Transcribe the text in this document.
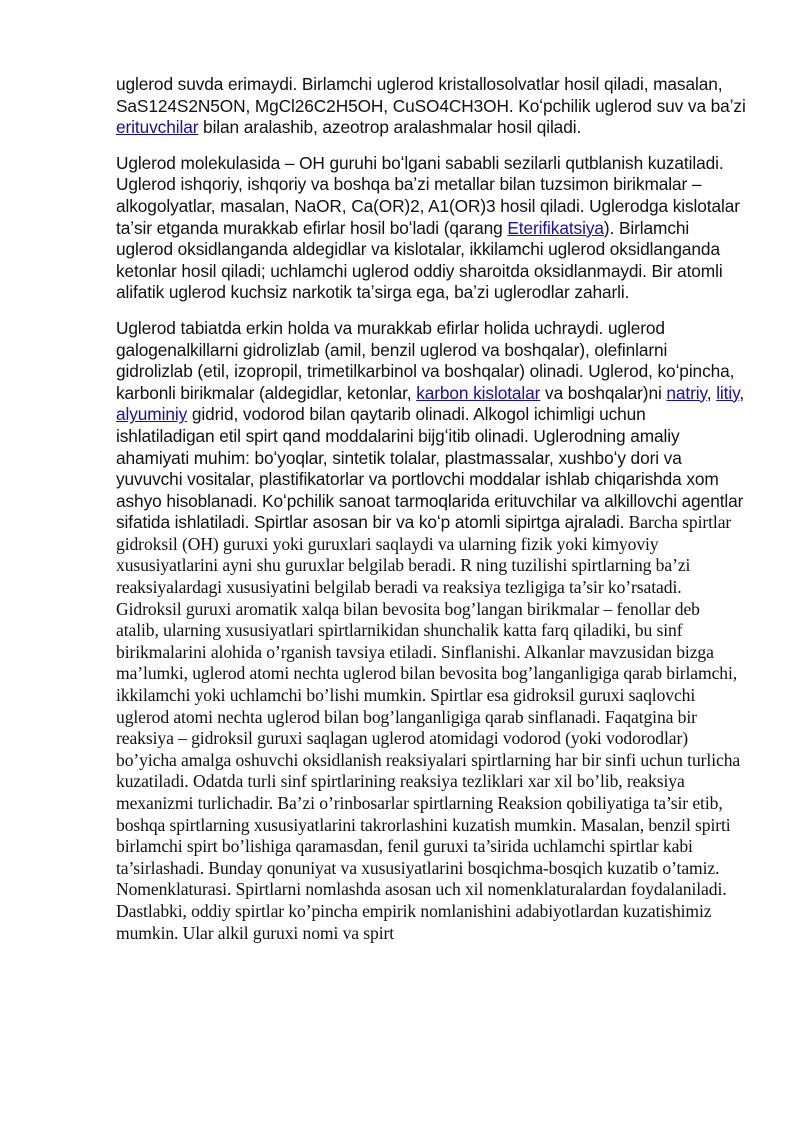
uglerod suvda erimaydi. Birlamchi uglerod kristallosolvatlar hosil qiladi, masalan, SaS124S2N5ON, MgCl26C2H5OH, CuSO4CH3OH. Koʻpchilik uglerod suv va baʼzi erituvchilar bilan aralashib, azeotrop aralashmalar hosil qiladi.

Uglerod molekulasida – OH guruhi boʻlgani sababli sezilarli qutblanish kuzatiladi. Uglerod ishqoriy, ishqoriy va boshqa baʼzi metallar bilan tuzsimon birikmalar – alkogolyatlar, masalan, NaOR, Ca(OR)2, A1(OR)3 hosil qiladi. Uglerodga kislotalar taʼsir etganda murakkab efirlar hosil boʻladi (qarang Eterifikatsiya). Birlamchi uglerod oksidlanganda aldegidlar va kislotalar, ikkilamchi uglerod oksidlanganda ketonlar hosil qiladi; uchlamchi uglerod oddiy sharoitda oksidlanmaydi. Bir atomli alifatik uglerod kuchsiz narkotik taʼsirga ega, baʼzi uglerodlar zaharli.

Uglerod tabiatda erkin holda va murakkab efirlar holida uchraydi. uglerod galogenalkillarni gidrolizlab (amil, benzil uglerod va boshqalar), olefinlarni gidrolizlab (etil, izopropil, trimetilkarbinol va boshqalar) olinadi. Uglerod, koʻpincha, karbonli birikmalar (aldegidlar, ketonlar, karbon kislotalar va boshqalar)ni natriy, litiy, alyuminiy gidrid, vodorod bilan qaytarib olinadi. Alkogol ichimligi uchun ishlatiladigan etil spirt qand moddalarini bijgʻitib olinadi. Uglerodning amaliy ahamiyati muhim: boʻyoqlar, sintetik tolalar, plastmassalar, xushboʻy dori va yuvuvchi vositalar, plastifikatorlar va portlovchi moddalar ishlab chiqarishda xom ashyo hisoblanadi. Koʻpchilik sanoat tarmoqlarida erituvchilar va alkillovchi agentlar sifatida ishlatiladi. Spirtlar asosan bir va koʻp atomli sipirtga ajraladi. Barcha spirtlar gidroksil (OH) guruxi yoki guruxlari saqlaydi va ularning fizik yoki kimyoviy xususiyatlarini ayni shu guruxlar belgilab beradi. R ning tuzilishi spirtlarning ba’zi reaksiyalardagi xususiyatini belgilab beradi va reaksiya tezligiga ta’sir ko’rsatadi. Gidroksil guruxi aromatik xalqa bilan bevosita bog’langan birikmalar – fenollar deb atalib, ularning xususiyatlari spirtlarnikidan shunchalik katta farq qiladiki, bu sinf birikmalarini alohida o’rganish tavsiya etiladi. Sinflanishi. Alkanlar mavzusidan bizga ma’lumki, uglerod atomi nechta uglerod bilan bevosita bog’langanligiga qarab birlamchi, ikkilamchi yoki uchlamchi bo’lishi mumkin. Spirtlar esa gidroksil guruxi saqlovchi uglerod atomi nechta uglerod bilan bog’langanligiga qarab sinflanadi. Faqatgina bir reaksiya – gidroksil guruxi saqlagan uglerod atomidagi vodorod (yoki vodorodlar) bo’yicha amalga oshuvchi oksidlanish reaksiyalari spirtlarning har bir sinfi uchun turlicha kuzatiladi. Odatda turli sinf spirtlarining reaksiya tezliklari xar xil bo’lib, reaksiya mexanizmi turlichadir. Ba’zi o’rinbosarlar spirtlarning Reaksion qobiliyatiga ta’sir etib, boshqa spirtlarning xususiyatlarini takrorlashini kuzatish mumkin. Masalan, benzil spirti birlamchi spirt bo’lishiga qaramasdan, fenil guruxi ta’sirida uchlamchi spirtlar kabi ta’sirlashadi. Bunday qonuniyat va xususiyatlarini bosqichma-bosqich kuzatib o’tamiz. Nomenklaturasi. Spirtlarni nomlashda asosan uch xil nomenklaturalardan foydalaniladi. Dastlabki, oddiy spirtlar ko’pincha empirik nomlanishini adabiyotlardan kuzatishimiz mumkin. Ular alkil guruxi nomi va spirt
